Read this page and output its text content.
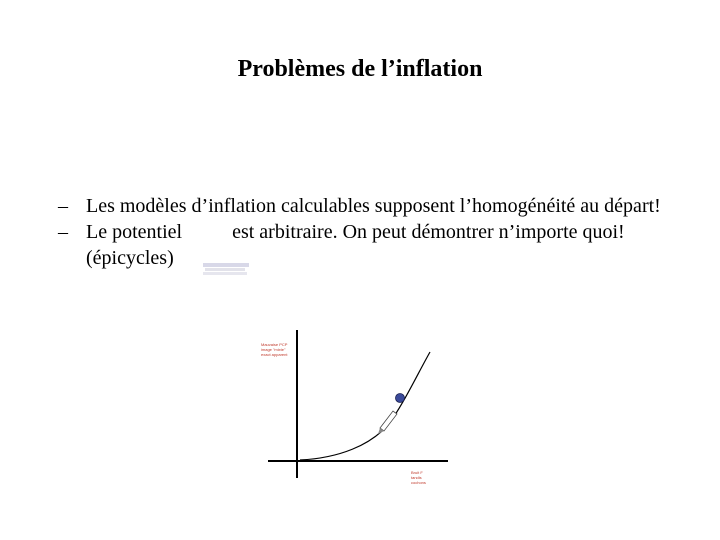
Problèmes de l’inflation
– Les modèles d’inflation calculables supposent l’homogénéité au départ!
– Le potentiel          est arbitraire. On peut démontrer n’importe quoi! (épicycles)
Mauvaise PCP
image "mixte"
exact apparent
Bruit F
tandis
cochons
